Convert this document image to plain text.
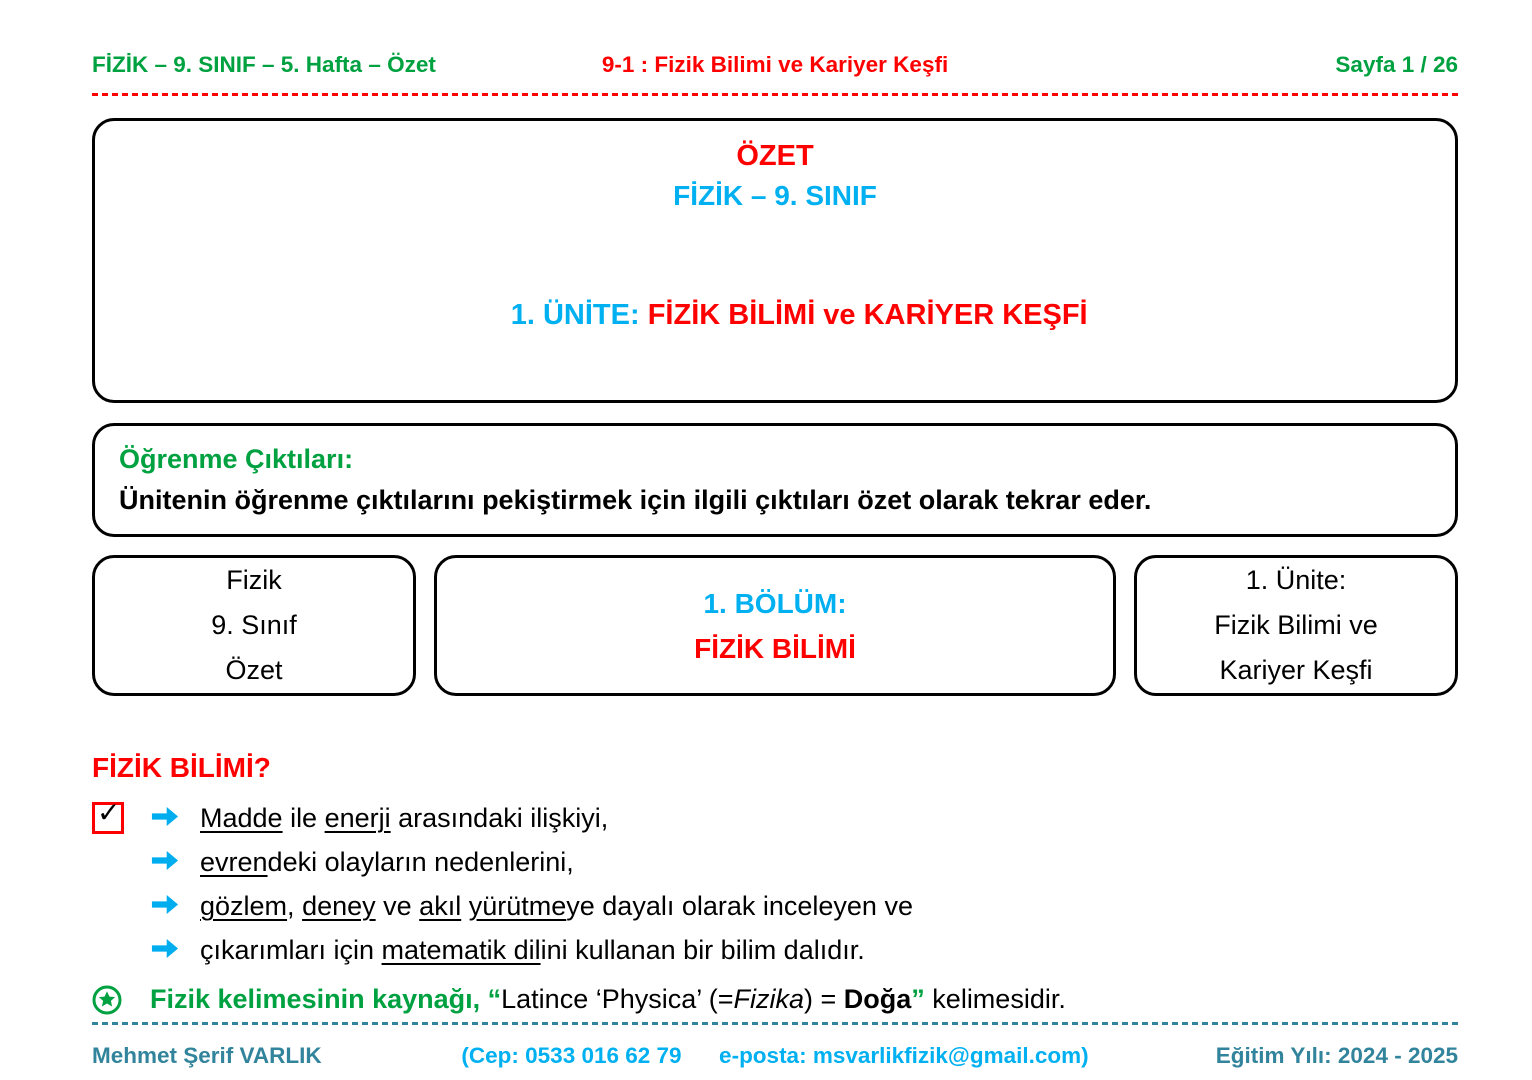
FİZİK – 9. SINIF – 5. Hafta – Özet	9-1 : Fizik Bilimi ve Kariyer Keşfi	Sayfa 1 / 26
ÖZET
FİZİK – 9. SINIF

1. ÜNİTE: FİZİK BİLİMİ ve KARİYER KEŞFİ

Öğrenme Çıktıları:
Ünitenin öğrenme çıktılarını pekiştirmek için ilgili çıktıları özet olarak tekrar eder.
Fizik
9. Sınıf
Özet
1. BÖLÜM:
FİZİK BİLİMİ
1. Ünite:
Fizik Bilimi ve
Kariyer Keşfi
FİZİK BİLİMİ?
✓	Madde ile enerji arasındaki ilişkiyi,
evrendeki olayların nedenlerini,
gözlem, deney ve akıl yürütmeye dayalı olarak inceleyen ve
çıkarımları için matematik dilini kullanan bir bilim dalıdır.
Fizik kelimesinin kaynağı, “Latince ‘Physica’ (=Fizika) = Doğa” kelimesidir.
Mehmet Şerif VARLIK	(Cep: 0533 016 62 79      e-posta: msvarlikfizik@gmail.com)	Eğitim Yılı: 2024 - 2025
